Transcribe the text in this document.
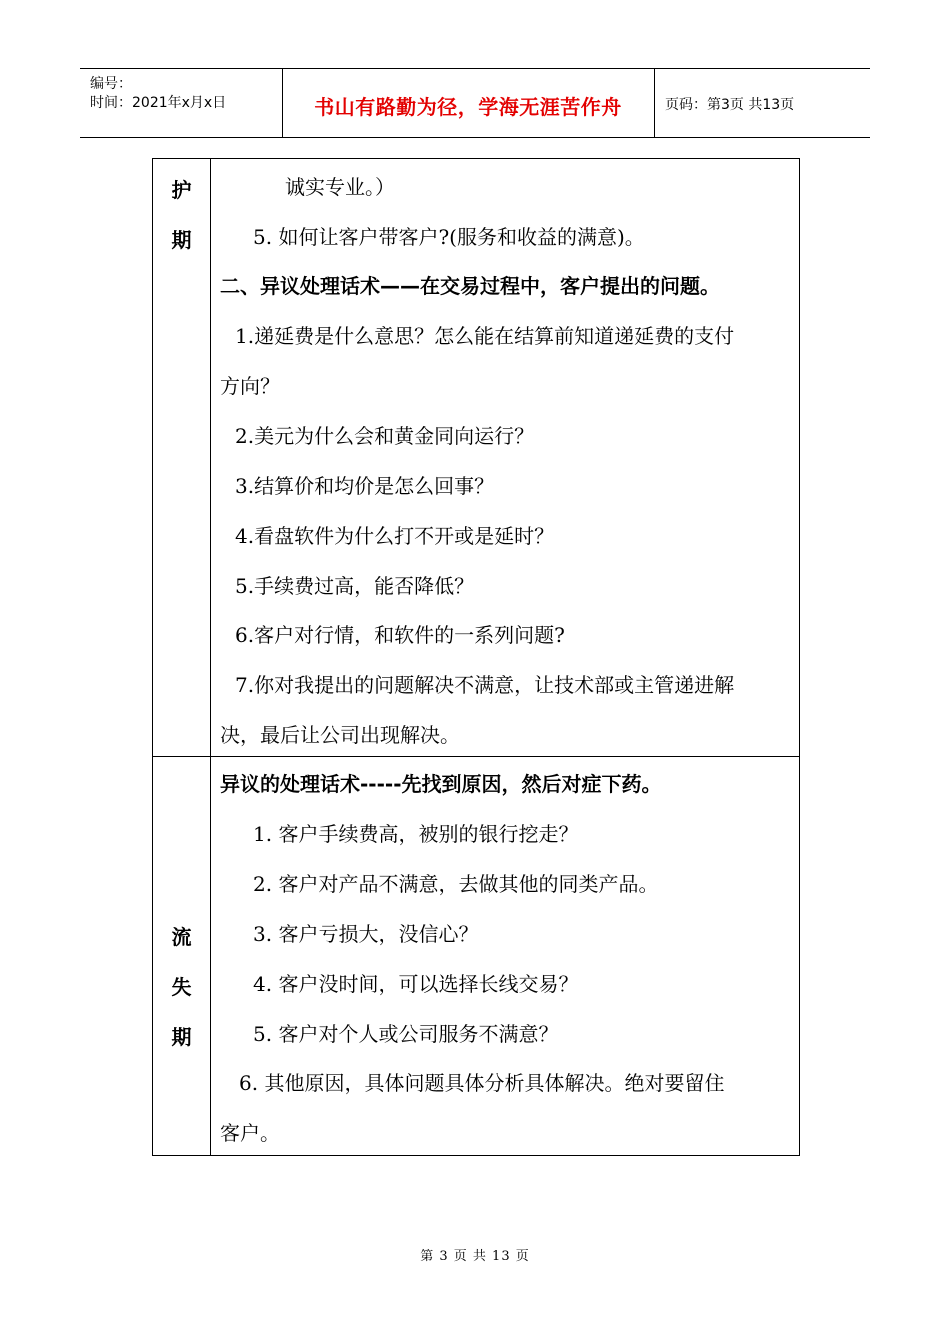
编号：
时间：2021年x月x日	书山有路勤为径，学海无涯苦作舟	页码：第3页 共13页
护
期
诚实专业。）
5. 如何让客户带客户?(服务和收益的满意)。
二、异议处理话术——在交易过程中，客户提出的问题。
1.递延费是什么意思？怎么能在结算前知道递延费的支付
方向？
2.美元为什么会和黄金同向运行？
3.结算价和均价是怎么回事？
4.看盘软件为什么打不开或是延时？
5.手续费过高，能否降低？
6.客户对行情，和软件的一系列问题?
7.你对我提出的问题解决不满意，让技术部或主管递进解
决，最后让公司出现解决。
流
失
期
异议的处理话术-----先找到原因，然后对症下药。
1. 客户手续费高，被别的银行挖走？
2. 客户对产品不满意，去做其他的同类产品。
3. 客户亏损大，没信心？
4. 客户没时间，可以选择长线交易？
5. 客户对个人或公司服务不满意？
6. 其他原因，具体问题具体分析具体解决。绝对要留住
客户。
第 3 页 共 13 页
